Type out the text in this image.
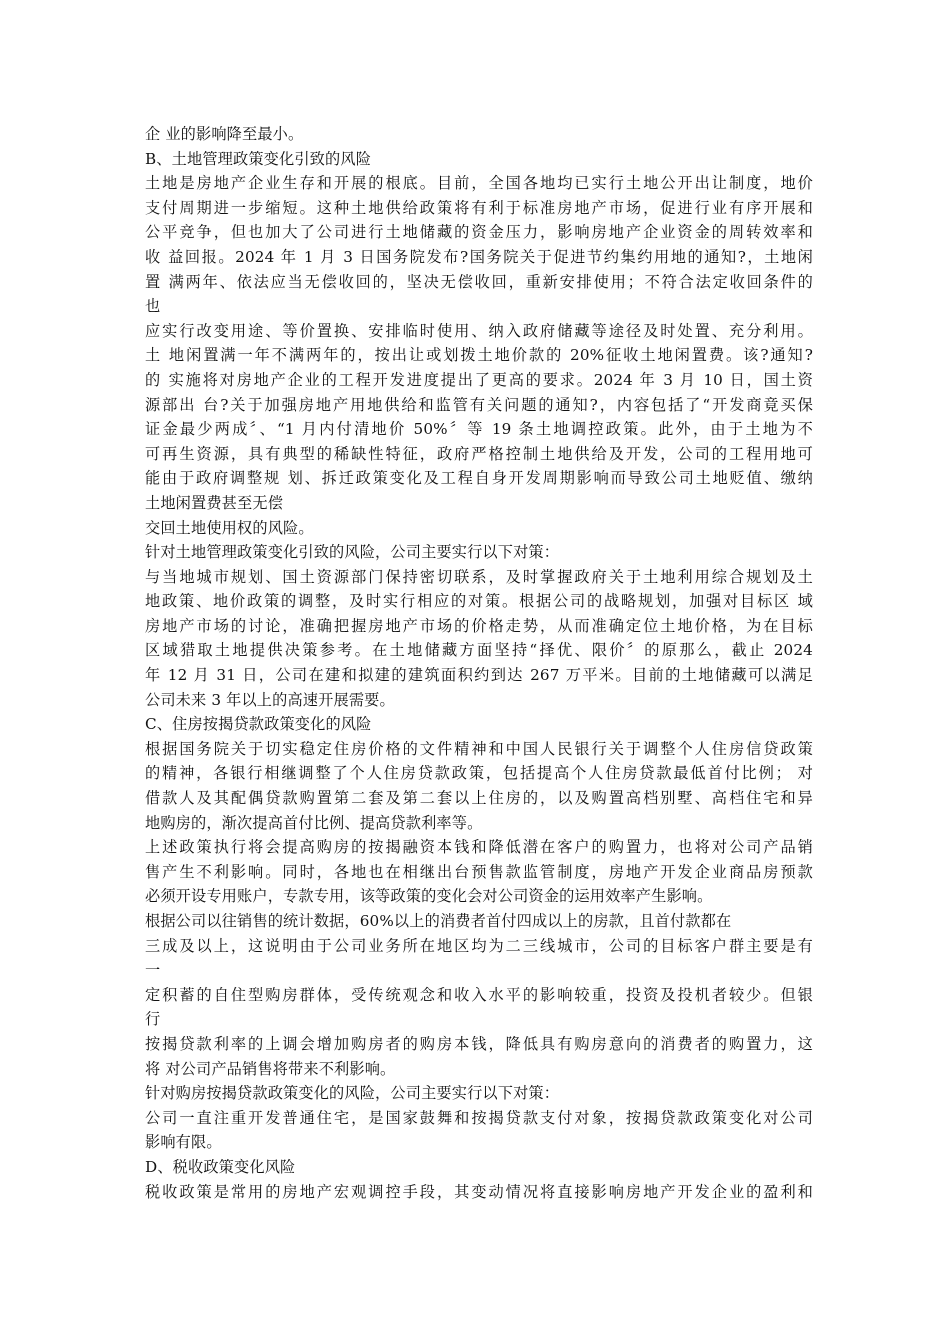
企 业的影响降至最小。
B、土地管理政策变化引致的风险
土地是房地产企业生存和开展的根底。目前，全国各地均已实行土地公开出让制度，地价
支付周期进一步缩短。这种土地供给政策将有利于标准房地产市场，促进行业有序开展和
公平竞争，但也加大了公司进行土地储藏的资金压力，影响房地产企业资金的周转效率和
收 益回报。2024 年 1 月 3 日国务院发布?国务院关于促进节约集约用地的通知?，土地闲
置 满两年、依法应当无偿收回的，坚决无偿收回，重新安排使用；不符合法定收回条件的
也
应实行改变用途、等价置换、安排临时使用、纳入政府储藏等途径及时处置、充分利用。
土 地闲置满一年不满两年的，按出让或划拨土地价款的 20%征收土地闲置费。该?通知?
的 实施将对房地产企业的工程开发进度提出了更高的要求。2024 年 3 月 10 日，国土资
源部出 台?关于加强房地产用地供给和监管有关问题的通知?，内容包括了“开发商竟买保
证金最少两成〞、“1 月内付清地价 50%〞等 19 条土地调控政策。此外，由于土地为不
可再生资源，具有典型的稀缺性特征，政府严格控制土地供给及开发，公司的工程用地可
能由于政府调整规 划、拆迁政策变化及工程自身开发周期影响而导致公司土地贬值、缴纳
土地闲置费甚至无偿
交回土地使用权的风险。
针对土地管理政策变化引致的风险，公司主要实行以下对策：
与当地城市规划、国土资源部门保持密切联系，及时掌握政府关于土地利用综合规划及土
地政策、地价政策的调整，及时实行相应的对策。根据公司的战略规划，加强对目标区 域
房地产市场的讨论，准确把握房地产市场的价格走势，从而准确定位土地价格，为在目标
区域猎取土地提供决策参考。在土地储藏方面坚持“择优、限价〞的原那么，截止 2024
年 12 月 31 日，公司在建和拟建的建筑面积约到达 267 万平米。目前的土地储藏可以满足
公司未来 3 年以上的高速开展需要。
C、住房按揭贷款政策变化的风险
根据国务院关于切实稳定住房价格的文件精神和中国人民银行关于调整个人住房信贷政策
的精神，各银行相继调整了个人住房贷款政策，包括提高个人住房贷款最低首付比例； 对
借款人及其配偶贷款购置第二套及第二套以上住房的，以及购置高档别墅、高档住宅和异
地购房的，渐次提高首付比例、提高贷款利率等。
上述政策执行将会提高购房的按揭融资本钱和降低潜在客户的购置力，也将对公司产品销
售产生不利影响。同时，各地也在相继出台预售款监管制度，房地产开发企业商品房预款
必须开设专用账户，专款专用，该等政策的变化会对公司资金的运用效率产生影响。
根据公司以往销售的统计数据，60%以上的消费者首付四成以上的房款，且首付款都在
三成及以上，这说明由于公司业务所在地区均为二三线城市，公司的目标客户群主要是有
一
定积蓄的自住型购房群体，受传统观念和收入水平的影响较重，投资及投机者较少。但银
行
按揭贷款利率的上调会增加购房者的购房本钱，降低具有购房意向的消费者的购置力，这
将 对公司产品销售将带来不利影响。
针对购房按揭贷款政策变化的风险，公司主要实行以下对策：
公司一直注重开发普通住宅，是国家鼓舞和按揭贷款支付对象，按揭贷款政策变化对公司
影响有限。
D、税收政策变化风险
税收政策是常用的房地产宏观调控手段，其变动情况将直接影响房地产开发企业的盈利和
